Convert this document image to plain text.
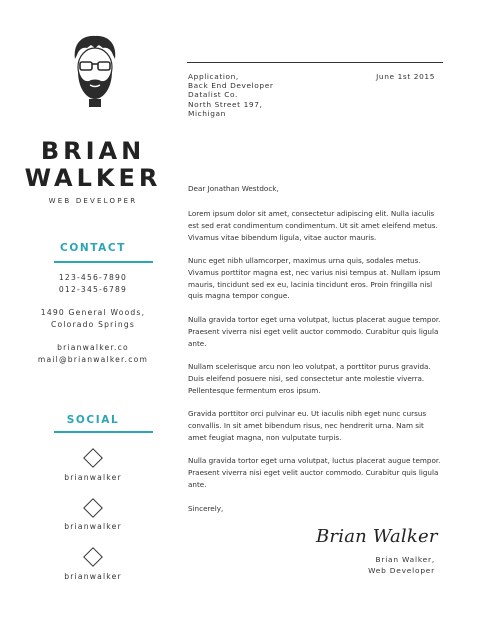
BRIAN
WALKER
WEB DEVELOPER
CONTACT
123-456-7890
012-345-6789
1490 General Woods,
Colorado Springs
brianwalker.co
mail@brianwalker.com
SOCIAL
brianwalker
brianwalker
brianwalker
Application,
Back End Developer
Datalist Co.
North Street 197,
Michigan
June 1st 2015
Dear Jonathan Westdock,
Lorem ipsum dolor sit amet, consectetur adipiscing elit. Nulla iaculis est sed erat condimentum condimentum. Ut sit amet eleifend metus. Vivamus vitae bibendum ligula, vitae auctor mauris.
Nunc eget nibh ullamcorper, maximus urna quis, sodales metus. Vivamus porttitor magna est, nec varius nisi tempus at. Nullam ipsum mauris, tincidunt sed ex eu, lacinia tincidunt eros. Proin fringilla nisl quis magna tempor congue.
Nulla gravida tortor eget urna volutpat, luctus placerat augue tempor. Praesent viverra nisi eget velit auctor commodo. Curabitur quis ligula ante.
Nullam scelerisque arcu non leo volutpat, a porttitor purus gravida. Duis eleifend posuere nisi, sed consectetur ante molestie viverra. Pellentesque fermentum eros ipsum.
Gravida porttitor orci pulvinar eu. Ut iaculis nibh eget nunc cursus convallis. In sit amet bibendum risus, nec hendrerit urna. Nam sit amet feugiat magna, non vulputate turpis.
Nulla gravida tortor eget urna volutpat, luctus placerat augue tempor. Praesent viverra nisi eget velit auctor commodo. Curabitur quis ligula ante.
Sincerely,
Brian Walker
Brian Walker,
Web Developer
